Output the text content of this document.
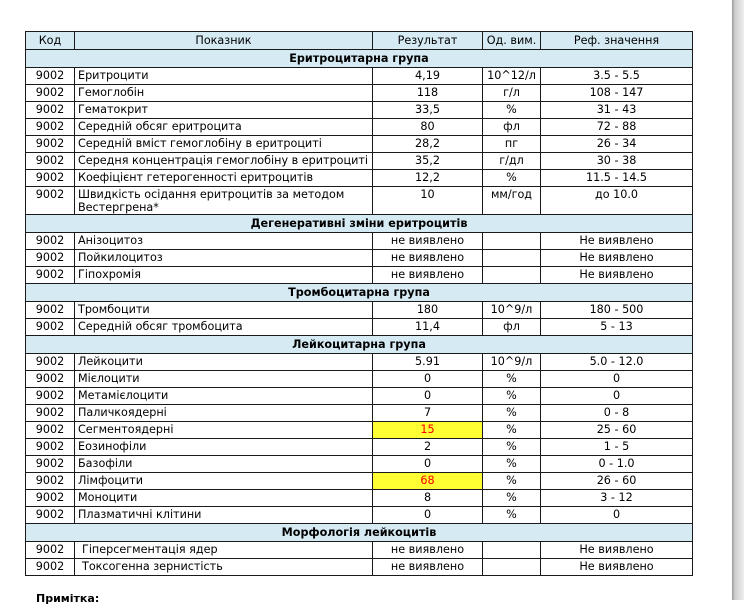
Код	Показник	Результат	Од. вим.	Реф. значення
Еритроцитарна група				
9002	Еритроцити	4,19	10^12/л	3.5 - 5.5
9002	Гемоглобін	118	г/л	108 - 147
9002	Гематокрит	33,5	%	31 - 43
9002	Середній обсяг еритроцита	80	фл	72 - 88
9002	Середній вміст гемоглобіну в еритроциті	28,2	пг	26 - 34
9002	Середня концентрація гемоглобіну в еритроциті	35,2	г/дл	30 - 38
9002	Коефіцієнт гетерогенності еритроцитів	12,2	%	11.5 - 14.5
9002	Швидкість осідання еритроцитів за методом Вестергрена*	10	мм/год	до 10.0
Дегенеративні зміни еритроцитів				
9002	Анізоцитоз	не виявлено		Не виявлено
9002	Пойкилоцитоз	не виявлено		Не виявлено
9002	Гіпохромія	не виявлено		Не виявлено
Тромбоцитарна група				
9002	Тромбоцити	180	10^9/л	180 - 500
9002	Середній обсяг тромбоцита	11,4	фл	5 - 13
Лейкоцитарна група				
9002	Лейкоцити	5.91	10^9/л	5.0 - 12.0
9002	Мієлоцити	0	%	0
9002	Метамієлоцити	0	%	0
9002	Паличкоядерні	7	%	0 - 8
9002	Сегментоядерні	15	%	25 - 60
9002	Еозинофіли	2	%	1 - 5
9002	Базофіли	0	%	0 - 1.0
9002	Лімфоцити	68	%	26 - 60
9002	Моноцити	8	%	3 - 12
9002	Плазматичні клітини	0	%	0
Морфологія лейкоцитів				
9002	Гіперсегментація ядер	не виявлено		Не виявлено
9002	Токсогенна зернистість	не виявлено		Не виявлено
Примітка:
